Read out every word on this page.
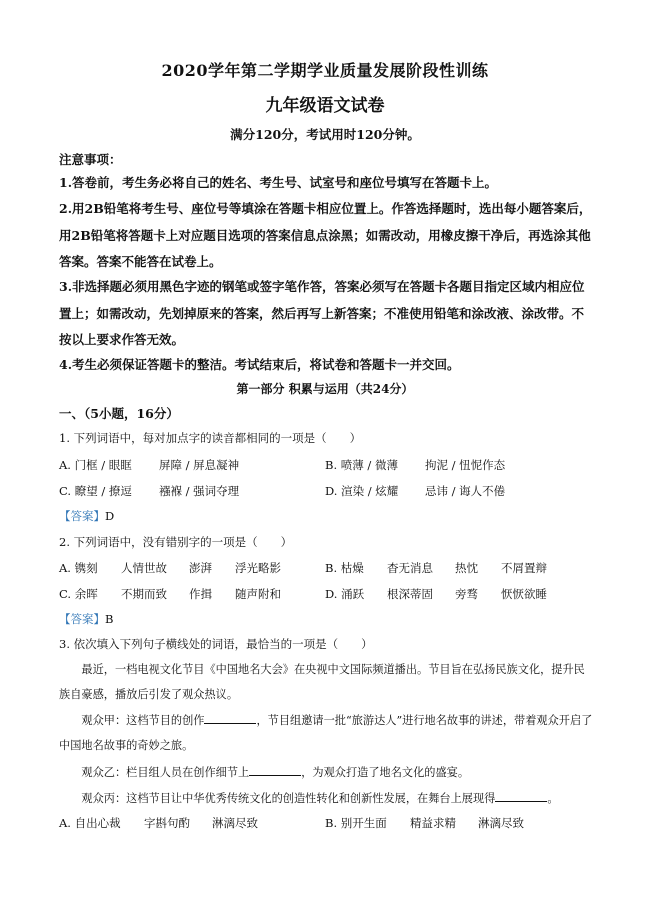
2020学年第二学期学业质量发展阶段性训练
九年级语文试卷
满分120分，考试用时120分钟。
注意事项：
1.答卷前，考生务必将自己的姓名、考生号、试室号和座位号填写在答题卡上。
2.用2B铅笔将考生号、座位号等填涂在答题卡相应位置上。作答选择题时，选出每小题答案后，用2B铅笔将答题卡上对应题目选项的答案信息点涂黑；如需改动，用橡皮擦干净后，再选涂其他答案。答案不能答在试卷上。
3.非选择题必须用黑色字迹的钢笔或签字笔作答，答案必须写在答题卡各题目指定区域内相应位置上；如需改动，先划掉原来的答案，然后再写上新答案；不准使用铅笔和涂改液、涂改带。不按以上要求作答无效。
4.考生必须保证答题卡的整洁。考试结束后，将试卷和答题卡一并交回。
第一部分 积累与运用（共24分）
一、（5小题，16分）
1. 下列词语中，每对加点字的读音都相同的一项是（　　）
A. 门框 / 眼眶 屏障 / 屏息凝神	B. 喷薄 / 微薄 拘泥 / 忸怩作态
C. 瞭望 / 撩逗 襁褓 / 强词夺理	D. 渲染 / 炫耀 忌讳 / 诲人不倦
【答案】D
2. 下列词语中，没有错别字的一项是（　　）
A. 镌刻 人情世故 澎湃 浮光略影	B. 枯燥 杳无消息 热忱 不屑置辩
C. 余晖 不期而致 作揖 随声附和	D. 涌跃 根深蒂固 旁骛 恹恹欲睡
【答案】B
3. 依次填入下列句子横线处的词语，最恰当的一项是（　　）
最近，一档电视文化节目《中国地名大会》在央视中文国际频道播出。节目旨在弘扬民族文化，提升民族自豪感，播放后引发了观众热议。
观众甲：这档节目的创作	，节目组邀请一批“旅游达人”进行地名故事的讲述，带着观众开启了中国地名故事的奇妙之旅。
观众乙：栏目组人员在创作细节上	，为观众打造了地名文化的盛宴。
观众丙：这档节目让中华优秀传统文化的创造性转化和创新性发展，在舞台上展现得	。
A. 自出心裁 字斟句酌 淋漓尽致	B. 别开生面 精益求精 淋漓尽致
